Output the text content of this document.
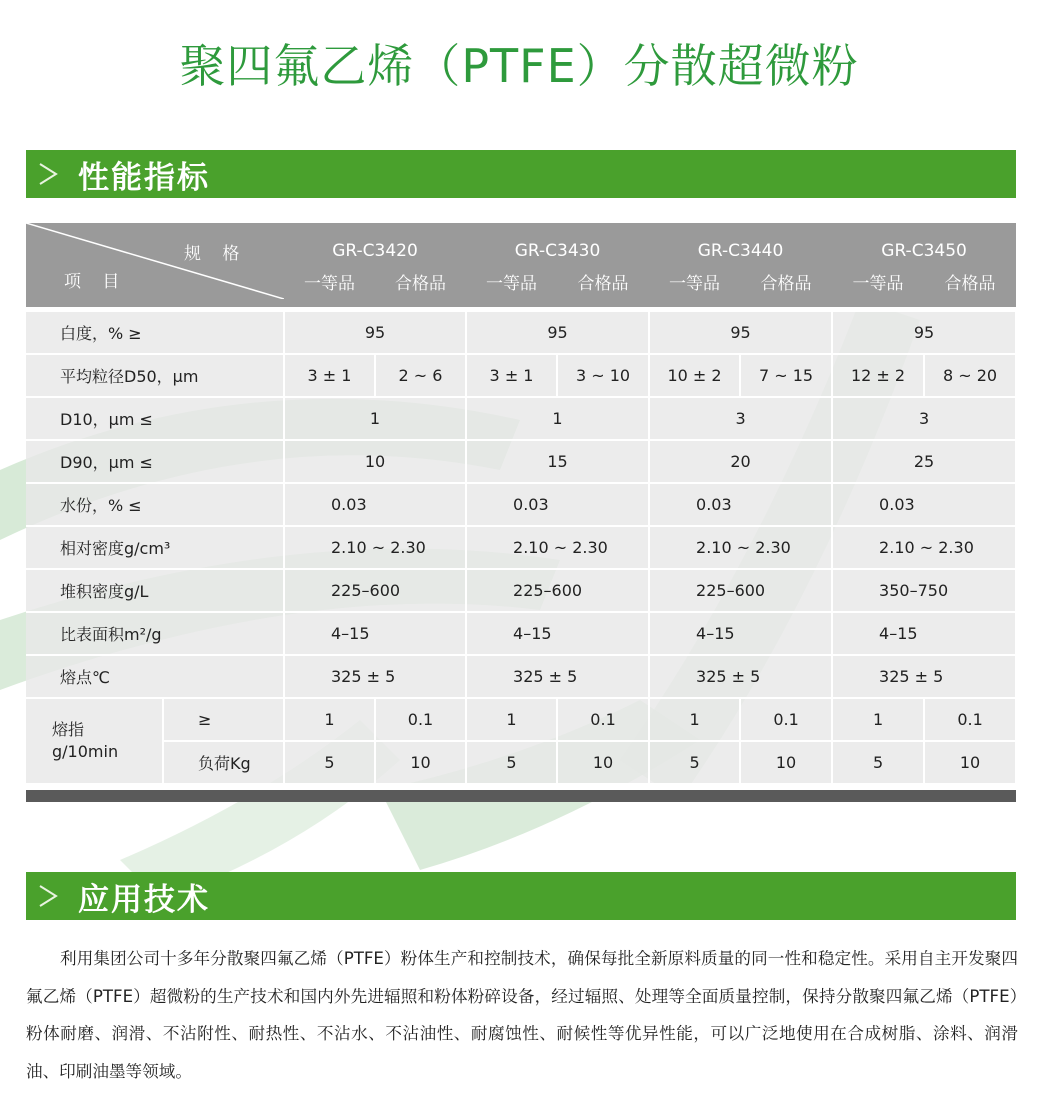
聚四氟乙烯（PTFE）分散超微粉
性能指标
规 格
项 目		GR-C3420		GR-C3430		GR-C3440		GR-C3450	
		一等品	合格品	一等品	合格品	一等品	合格品	一等品	合格品

白度，% ≥		95		95		95		95	
平均粒径D50，μm		3 ± 1	2 ~ 6	3 ± 1	3 ~ 10	10 ± 2	7 ~ 15	12 ± 2	8 ~ 20
D10，μm ≤		1		1		3		3	
D90，μm ≤		10		15		20		25	
水份，% ≤		0.03		0.03		0.03		0.03	
相对密度g/cm³		2.10 ~ 2.30		2.10 ~ 2.30		2.10 ~ 2.30		2.10 ~ 2.30	
堆积密度g/L		225–600		225–600		225–600		350–750	
比表面积m²/g		4–15		4–15		4–15		4–15	
熔点℃		325 ± 5		325 ± 5		325 ± 5		325 ± 5	

熔指
g/10min	≥	1	0.1	1	0.1	1	0.1	1	0.1
	负荷Kg	5	10	5	10	5	10	5	10

应用技术
利用集团公司十多年分散聚四氟乙烯（PTFE）粉体生产和控制技术，确保每批全新原料质量的同一性和稳定性。采用自主开发聚四氟乙烯（PTFE）超微粉的生产技术和国内外先进辐照和粉体粉碎设备，经过辐照、处理等全面质量控制，保持分散聚四氟乙烯（PTFE）粉体耐磨、润滑、不沾附性、耐热性、不沾水、不沾油性、耐腐蚀性、耐候性等优异性能，可以广泛地使用在合成树脂、涂料、润滑油、印刷油墨等领域。
